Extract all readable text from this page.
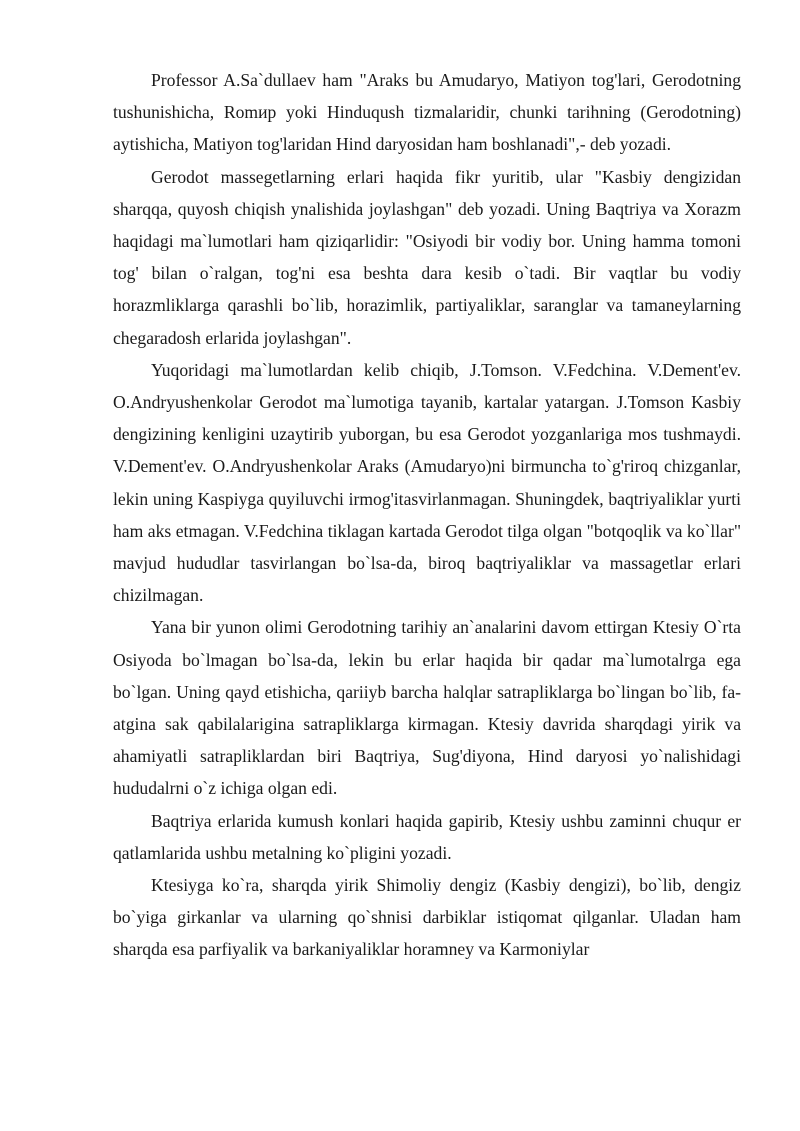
Professor A.Sa`dullaev ham "Araks bu Amudaryo, Matiyon tog'lari, Gerodotning tushunishicha, Romир yoki Hinduqush tizmalaridir, chunki tarihning (Gerodotning) aytishicha, Matiyon tog'laridan Hind daryosidan ham boshlanadi",- deb yozadi.

Gerodot massegetlarning erlari haqida fikr yuritib, ular "Kasbiy dengizidan sharqqa, quyosh chiqish ynalishida joylashgan" deb yozadi. Uning Baqtriya va Xorazm haqidagi ma`lumotlari ham qiziqarlidir: "Osiyodi bir vodiy bor. Uning hamma tomoni tog' bilan o`ralgan, tog'ni esa beshta dara kesib o`tadi. Bir vaqtlar bu vodiy horazmliklarga qarashli bo`lib, horazimlik, partiyaliklar, saranglar va tamaneylarning chegaradosh erlarida joylashgan".

Yuqoridagi ma`lumotlardan kelib chiqib, J.Tomson. V.Fedchina. V.Dement'ev. O.Andryushenkolar Gerodot ma`lumotiga tayanib, kartalar yatargan. J.Tomson Kasbiy dengizining kenligini uzaytirib yuborgan, bu esa Gerodot yozganlariga mos tushmaydi. V.Dement'ev. O.Andryushenkolar Araks (Amudaryo)ni birmuncha to`g'riroq chizganlar, lekin uning Kaspiyga quyiluvchi irmog'itasvirlanmagan. Shuningdek, baqtriyaliklar yurti ham aks etmagan. V.Fedchina tiklagan kartada Gerodot tilga olgan "botqoqlik va ko`llar" mavjud hududlar tasvirlangan bo`lsa-da, biroq baqtriyaliklar va massagetlar erlari chizilmagan.

Yana bir yunon olimi Gerodotning tarihiy an`analarini davom ettirgan Ktesiy O`rta Osiyoda bo`lmagan bo`lsa-da, lekin bu erlar haqida bir qadar ma`lumotalrga ega bo`lgan. Uning qayd etishicha, qariiyb barcha halqlar satrapliklarga bo`lingan bo`lib, fa-atgina sak qabilalarigina satrapliklarga kirmagan. Ktesiy davrida sharqdagi yirik va ahamiyatli satrapliklardan biri Baqtriya, Sug'diyona, Hind daryosi yo`nalishidagi hududalrni o`z ichiga olgan edi.

Baqtriya erlarida kumush konlari haqida gapirib, Ktesiy ushbu zaminni chuqur er qatlamlarida ushbu metalning ko`pligini yozadi.

Ktesiyga ko`ra, sharqda yirik Shimoliy dengiz (Kasbiy dengizi), bo`lib, dengiz bo`yiga girkanlar va ularning qo`shnisi darbiklar istiqomat qilganlar. Uladan ham sharqda esa parfiyalik va barkaniyaliklar horamney va Karmoniylar
